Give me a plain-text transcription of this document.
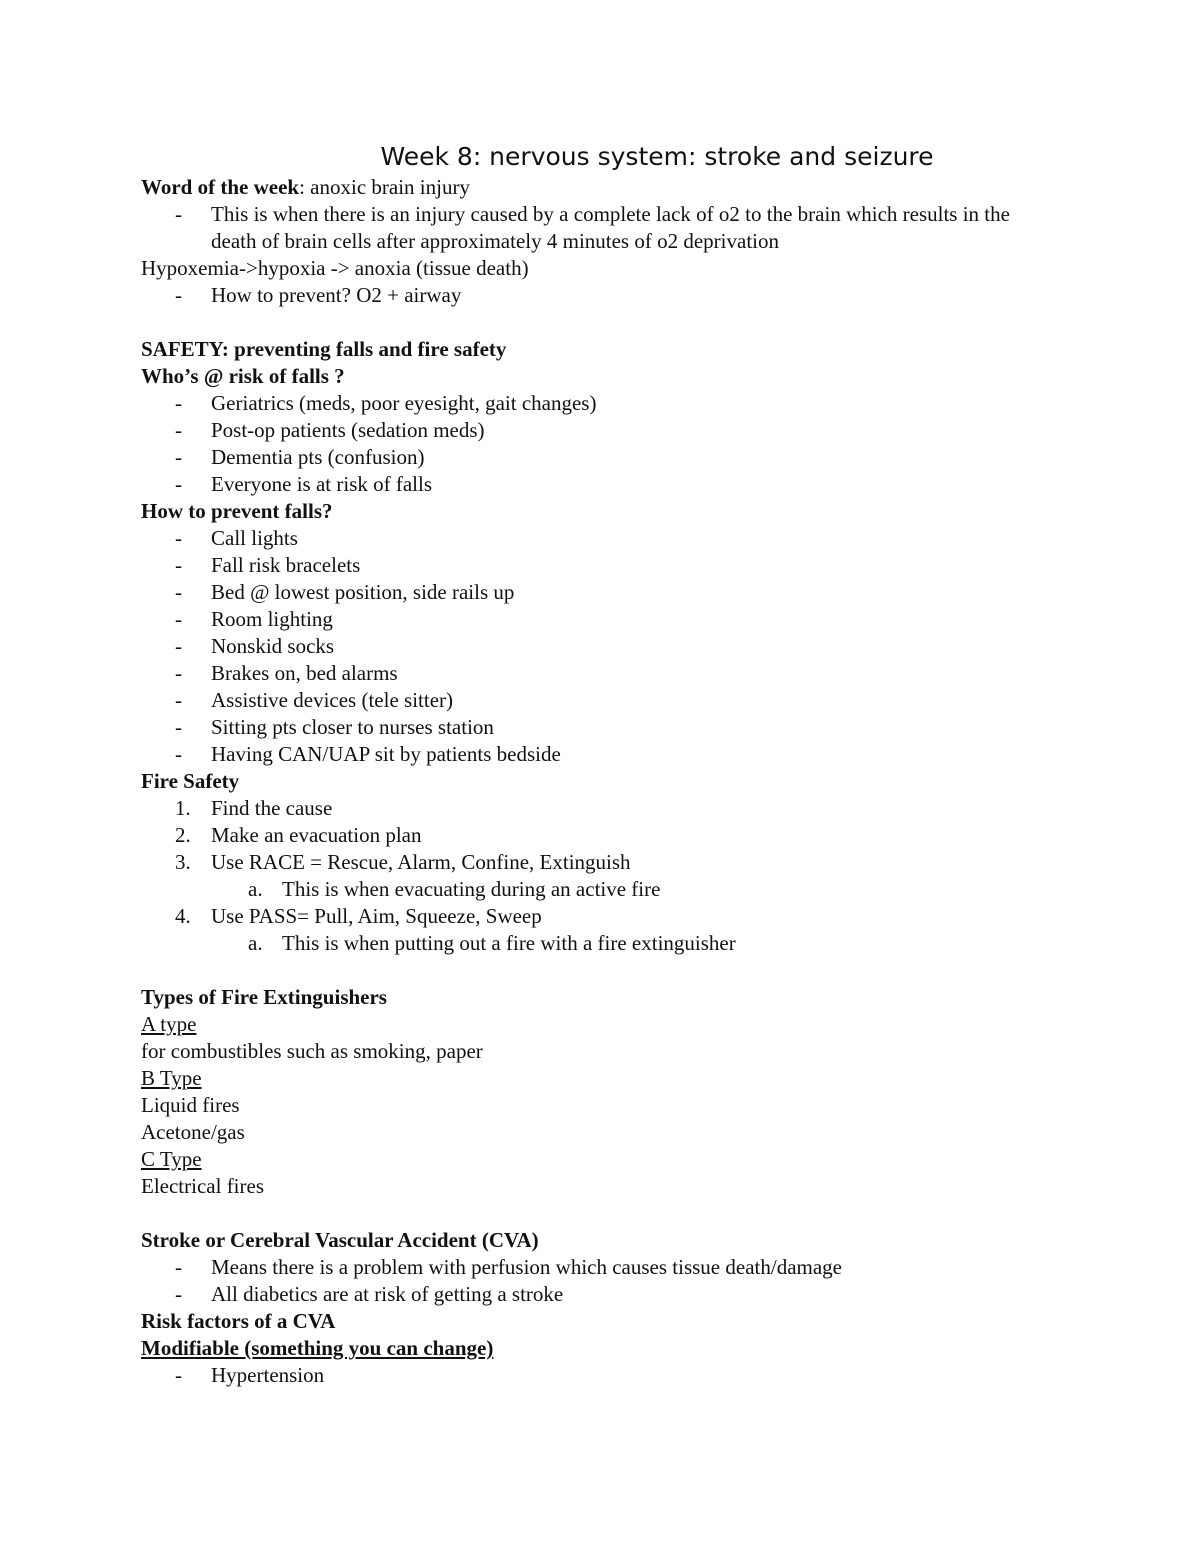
Week 8: nervous system: stroke and seizure
Word of the week: anoxic brain injury
- This is when there is an injury caused by a complete lack of o2 to the brain which results in the death of brain cells after approximately 4 minutes of o2 deprivation
Hypoxemia->hypoxia -> anoxia (tissue death)
- How to prevent? O2 + airway
SAFETY: preventing falls and fire safety
Who’s @ risk of falls ?
- Geriatrics (meds, poor eyesight, gait changes)
- Post-op patients (sedation meds)
- Dementia pts (confusion)
- Everyone is at risk of falls
How to prevent falls?
- Call lights
- Fall risk bracelets
- Bed @ lowest position, side rails up
- Room lighting
- Nonskid socks
- Brakes on, bed alarms
- Assistive devices (tele sitter)
- Sitting pts closer to nurses station
- Having CAN/UAP sit by patients bedside
Fire Safety
1. Find the cause
2. Make an evacuation plan
3. Use RACE = Rescue, Alarm, Confine, Extinguish
a. This is when evacuating during an active fire
4. Use PASS= Pull, Aim, Squeeze, Sweep
a. This is when putting out a fire with a fire extinguisher
Types of Fire Extinguishers
A type
for combustibles such as smoking, paper
B Type
Liquid fires
Acetone/gas
C Type
Electrical fires
Stroke or Cerebral Vascular Accident (CVA)
- Means there is a problem with perfusion which causes tissue death/damage
- All diabetics are at risk of getting a stroke
Risk factors of a CVA
Modifiable (something you can change)
- Hypertension
